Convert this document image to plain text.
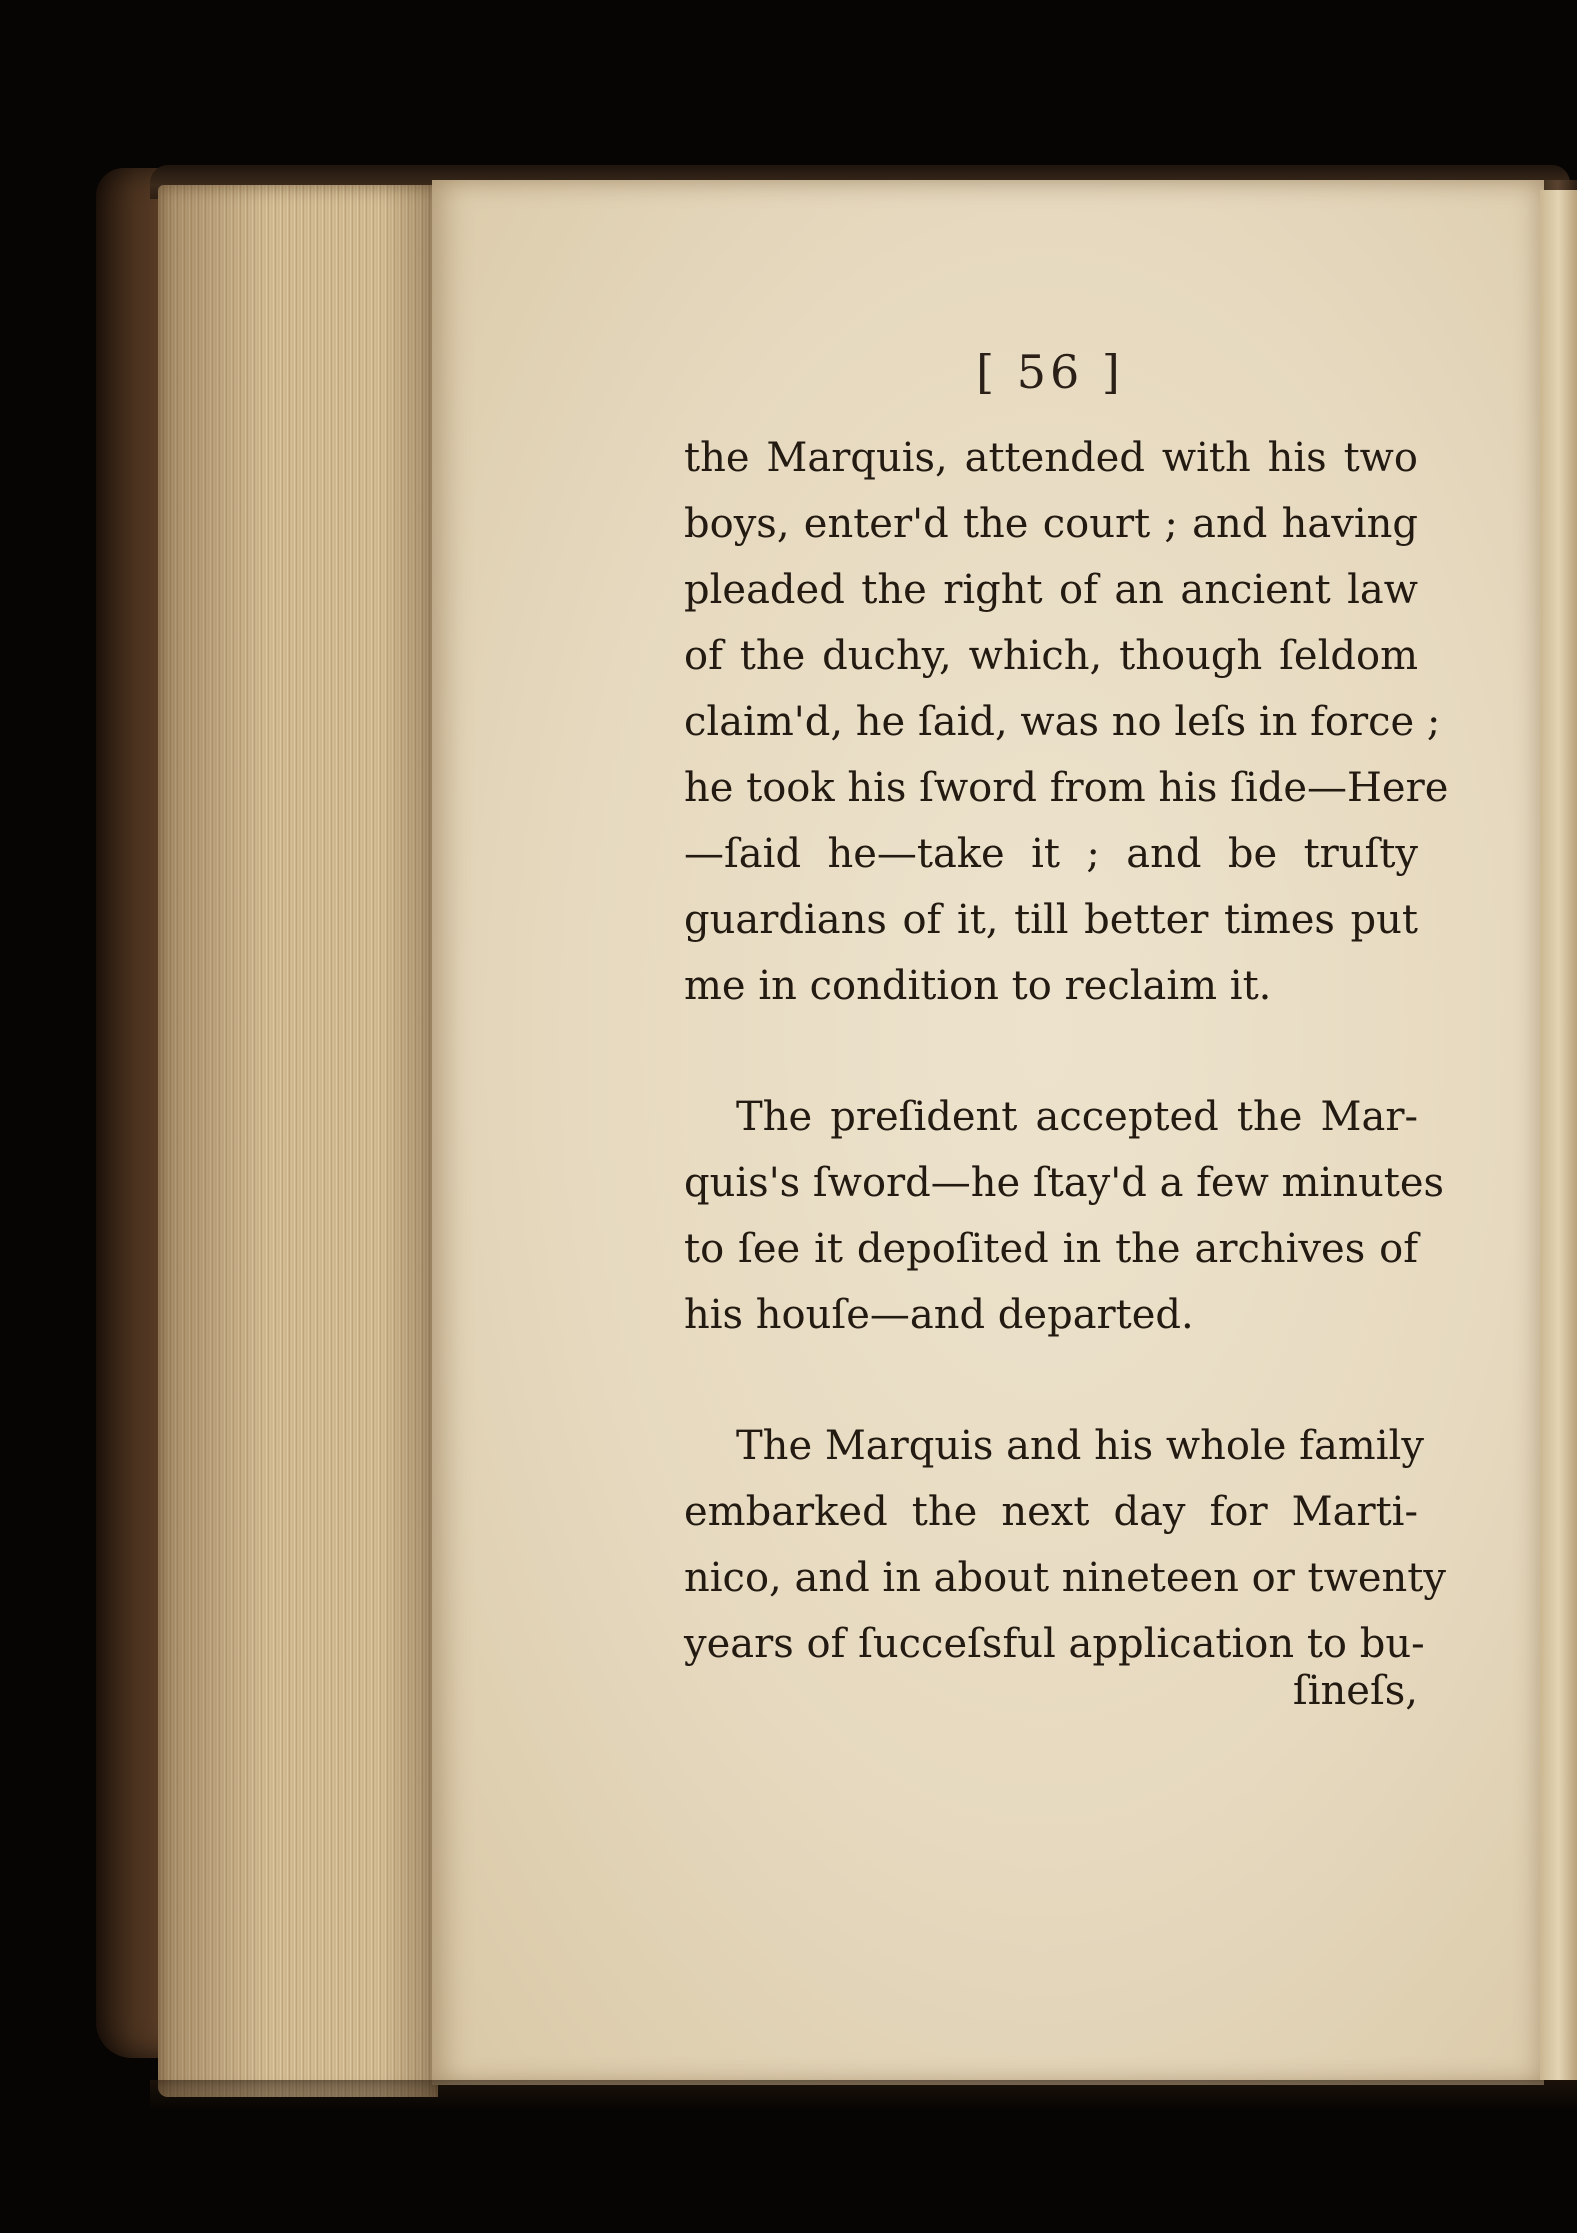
[ 56 ]
the Marquis, attended with his two
boys, enter'd the court ; and having
pleaded the right of an ancient law
of the duchy, which, though ſeldom
claim'd, he ſaid, was no leſs in force ;
he took his ſword from his ſide—Here
—ſaid he—take it ; and be truſty
guardians of it, till better times put
me in condition to reclaim it.
The preſident accepted the Mar-
quis's ſword—he ſtay'd a few minutes
to ſee it depoſited in the archives of
his houſe—and departed.
The Marquis and his whole family
embarked the next day for Marti-
nico, and in about nineteen or twenty
years of ſucceſsful application to bu-
ſineſs,
